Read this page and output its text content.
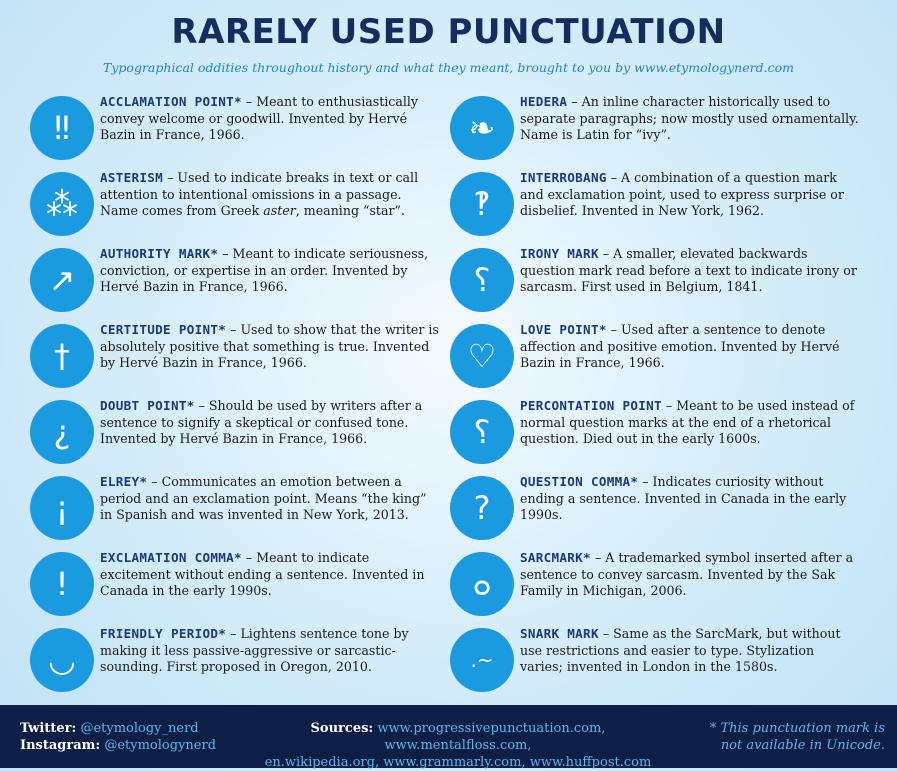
RARELY USED PUNCTUATION

Typographical oddities throughout history and what they meant, brought to you by www.etymologynerd.com

‼
ACCLAMATION POINT* – Meant to enthusiastically convey welcome or goodwill. Invented by Hervé Bazin in France, 1966.
⁂
ASTERISM – Used to indicate breaks in text or call attention to intentional omissions in a passage. Name comes from Greek aster, meaning “star”.
↗
AUTHORITY MARK* – Meant to indicate seriousness, conviction, or expertise in an order. Invented by Hervé Bazin in France, 1966.
†
CERTITUDE POINT* – Used to show that the writer is absolutely positive that something is true. Invented by Hervé Bazin in France, 1966.
¿
DOUBT POINT* – Should be used by writers after a sentence to signify a skeptical or confused tone. Invented by Hervé Bazin in France, 1966.
¡
ELREY* – Communicates an emotion between a period and an exclamation point. Means “the king” in Spanish and was invented in New York, 2013.
!
EXCLAMATION COMMA* – Meant to indicate excitement without ending a sentence. Invented in Canada in the early 1990s.
◡
FRIENDLY PERIOD* – Lightens sentence tone by making it less passive-aggressive or sarcastic-sounding. First proposed in Oregon, 2010.
❧
HEDERA – An inline character historically used to separate paragraphs; now mostly used ornamentally. Name is Latin for “ivy”.
‽
INTERROBANG – A combination of a question mark and exclamation point, used to express surprise or disbelief. Invented in New York, 1962.
⸮
IRONY MARK – A smaller, elevated backwards question mark read before a text to indicate irony or sarcasm. First used in Belgium, 1841.
♡
LOVE POINT* – Used after a sentence to denote affection and positive emotion. Invented by Hervé Bazin in France, 1966.
⸮
PERCONTATION POINT – Meant to be used instead of normal question marks at the end of a rhetorical question. Died out in the early 1600s.
?
QUESTION COMMA* – Indicates curiosity without ending a sentence. Invented in Canada in the early 1990s.
๐
SARCMARK* – A trademarked symbol inserted after a sentence to convey sarcasm. Invented by the Sak Family in Michigan, 2006.
.~
SNARK MARK – Same as the SarcMark, but without use restrictions and easier to type. Stylization varies; invented in London in the 1580s.
Twitter: @etymology_nerd
Instagram: @etymologynerd
Sources: www.progressivepunctuation.com, www.mentalfloss.com,
en.wikipedia.org, www.grammarly.com, www.huffpost.com
* This punctuation mark is
not available in Unicode.
